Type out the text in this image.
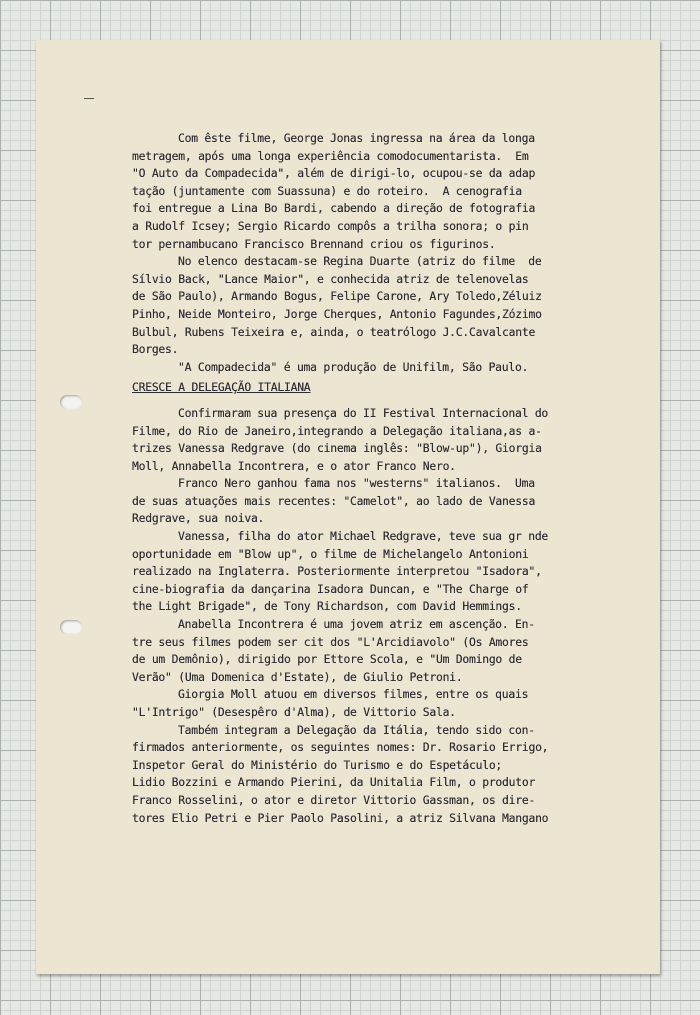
Com êste filme, George Jonas ingressa na área da longa
metragem, após uma longa experiência comodocumentarista.  Em
"O Auto da Compadecida", além de dirigi-lo, ocupou-se da adap
tação (juntamente com Suassuna) e do roteiro.  A cenografia
foi entregue a Lina Bo Bardi, cabendo a direção de fotografia
a Rudolf Icsey; Sergio Ricardo compôs a trilha sonora; o pin
tor pernambucano Francisco Brennand criou os figurinos.
No elenco destacam-se Regina Duarte (atriz do filme  de
Sílvio Back, "Lance Maior", e conhecida atriz de telenovelas
de São Paulo), Armando Bogus, Felipe Carone, Ary Toledo,Zéluiz
Pinho, Neide Monteiro, Jorge Cherques, Antonio Fagundes,Zózimo
Bulbul, Rubens Teixeira e, ainda, o teatrólogo J.C.Cavalcante
Borges.
"A Compadecida" é uma produção de Unifilm, São Paulo.
CRESCE A DELEGAÇÃO ITALIANA
Confirmaram sua presença do II Festival Internacional do
Filme, do Rio de Janeiro,integrando a Delegação italiana,as a-
trizes Vanessa Redgrave (do cinema inglês: "Blow-up"), Giorgia
Moll, Annabella Incontrera, e o ator Franco Nero.
Franco Nero ganhou fama nos "westerns" italianos.  Uma
de suas atuações mais recentes: "Camelot", ao lado de Vanessa
Redgrave, sua noiva.
Vanessa, filha do ator Michael Redgrave, teve sua gr nde
oportunidade em "Blow up", o filme de Michelangelo Antonioni
realizado na Inglaterra. Posteriormente interpretou "Isadora",
cine-biografia da dançarina Isadora Duncan, e "The Charge of
the Light Brigade", de Tony Richardson, com David Hemmings.
Anabella Incontrera é uma jovem atriz em ascenção. En-
tre seus filmes podem ser cit dos "L'Arcidiavolo" (Os Amores
de um Demônio), dirigido por Ettore Scola, e "Um Domingo de
Verão" (Uma Domenica d'Estate), de Giulio Petroni.
Giorgia Moll atuou em diversos filmes, entre os quais
"L'Intrigo" (Desespêro d'Alma), de Vittorio Sala.
Também integram a Delegação da Itália, tendo sido con-
firmados anteriormente, os seguintes nomes: Dr. Rosario Errigo,
Inspetor Geral do Ministério do Turismo e do Espetáculo;
Lidio Bozzini e Armando Pierini, da Unitalia Film, o produtor
Franco Rosselini, o ator e diretor Vittorio Gassman, os dire-
tores Elio Petri e Pier Paolo Pasolini, a atriz Silvana Mangano
